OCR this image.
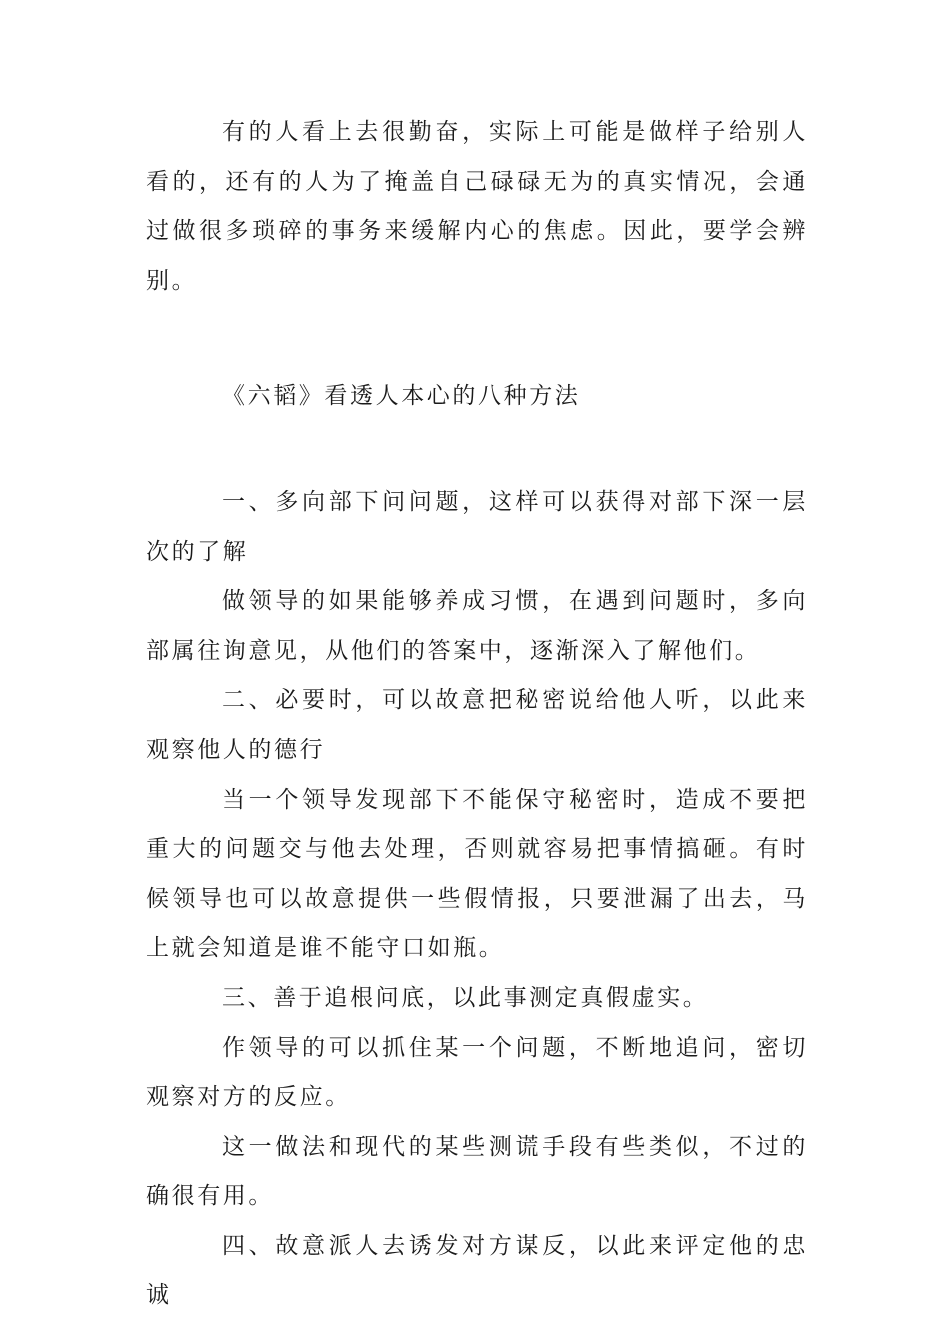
有的人看上去很勤奋，实际上可能是做样子给别人看的，还有的人为了掩盖自己碌碌无为的真实情况，会通过做很多琐碎的事务来缓解内心的焦虑。因此，要学会辨别。

《六韬》看透人本心的八种方法

一、多向部下问问题，这样可以获得对部下深一层次的了解

做领导的如果能够养成习惯，在遇到问题时，多向部属往询意见，从他们的答案中，逐渐深入了解他们。

二、必要时，可以故意把秘密说给他人听，以此来观察他人的德行

当一个领导发现部下不能保守秘密时，造成不要把重大的问题交与他去处理，否则就容易把事情搞砸。有时候领导也可以故意提供一些假情报，只要泄漏了出去，马上就会知道是谁不能守口如瓶。

三、善于追根问底，以此事测定真假虚实。

作领导的可以抓住某一个问题，不断地追问，密切观察对方的反应。

这一做法和现代的某些测谎手段有些类似，不过的确很有用。

四、故意派人去诱发对方谋反，以此来评定他的忠诚
